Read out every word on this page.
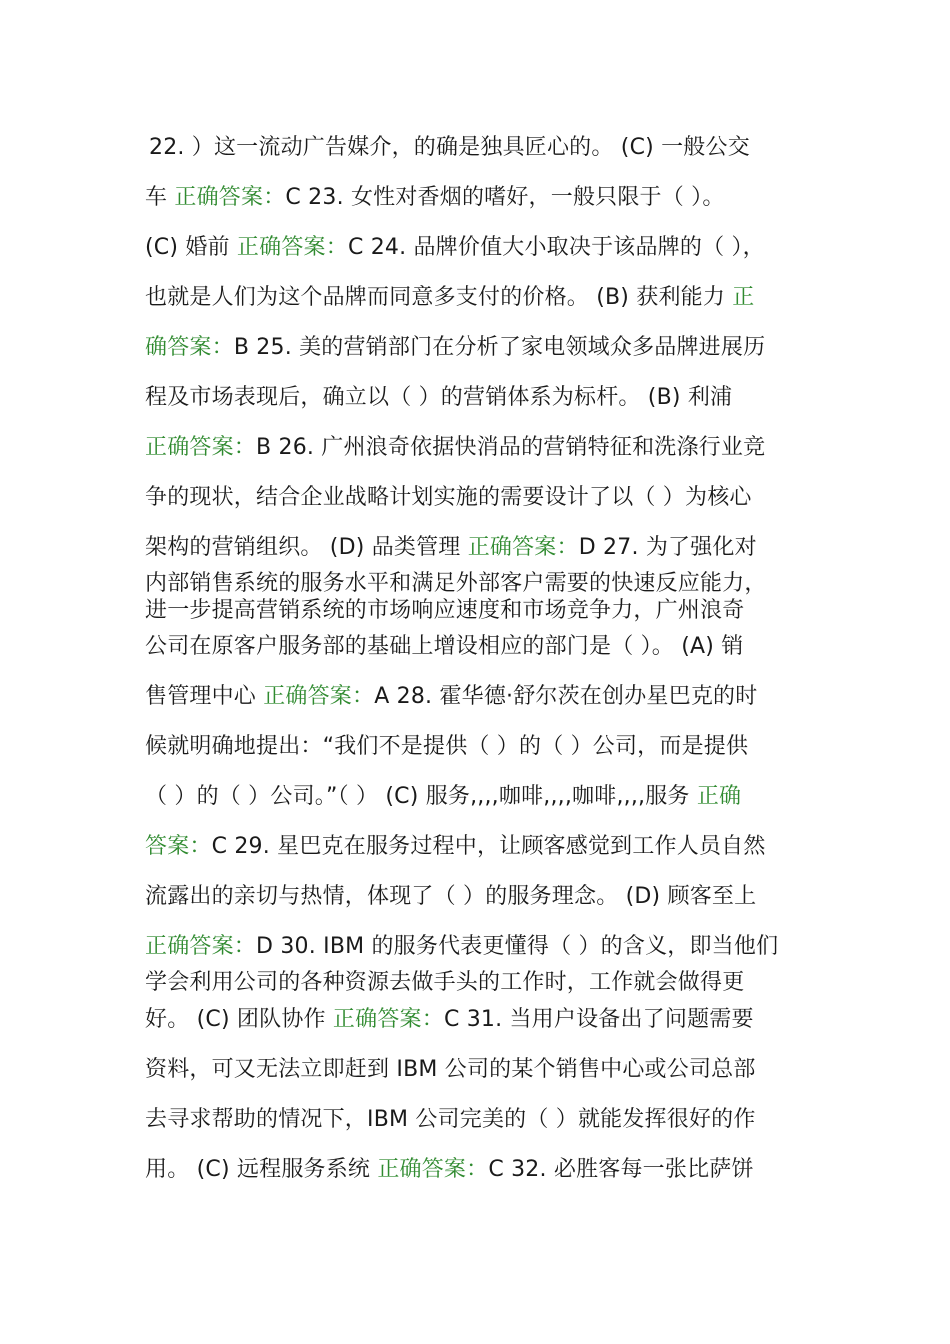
22. ）这一流动广告媒介，的确是独具匠心的。 (C) 一般公交
车 正确答案：C 23. 女性对香烟的嗜好，一般只限于（ ）。
(C) 婚前 正确答案：C 24. 品牌价值大小取决于该品牌的（ ），
也就是人们为这个品牌而同意多支付的价格。 (B) 获利能力 正
确答案：B 25. 美的营销部门在分析了家电领域众多品牌进展历
程及市场表现后，确立以（ ）的营销体系为标杆。 (B) 利浦
正确答案：B 26. 广州浪奇依据快消品的营销特征和洗涤行业竞
争的现状，结合企业战略计划实施的需要设计了以（ ）为核心
架构的营销组织。 (D) 品类管理 正确答案：D 27. 为了强化对
内部销售系统的服务水平和满足外部客户需要的快速反应能力，
进一步提高营销系统的市场响应速度和市场竞争力，广州浪奇
公司在原客户服务部的基础上增设相应的部门是（ ）。 (A) 销
售管理中心 正确答案：A 28. 霍华德·舒尔茨在创办星巴克的时
候就明确地提出：“我们不是提供（ ）的（ ）公司，而是提供
（ ）的（ ）公司。”（ ） (C) 服务,,,,咖啡,,,,咖啡,,,,服务 正确
答案：C 29. 星巴克在服务过程中，让顾客感觉到工作人员自然
流露出的亲切与热情，体现了（ ）的服务理念。 (D) 顾客至上
正确答案：D 30. IBM 的服务代表更懂得（ ）的含义，即当他们
学会利用公司的各种资源去做手头的工作时，工作就会做得更
好。 (C) 团队协作 正确答案：C 31. 当用户设备出了问题需要
资料，可又无法立即赶到 IBM 公司的某个销售中心或公司总部
去寻求帮助的情况下，IBM 公司完美的（ ）就能发挥很好的作
用。 (C) 远程服务系统 正确答案：C 32. 必胜客每一张比萨饼
